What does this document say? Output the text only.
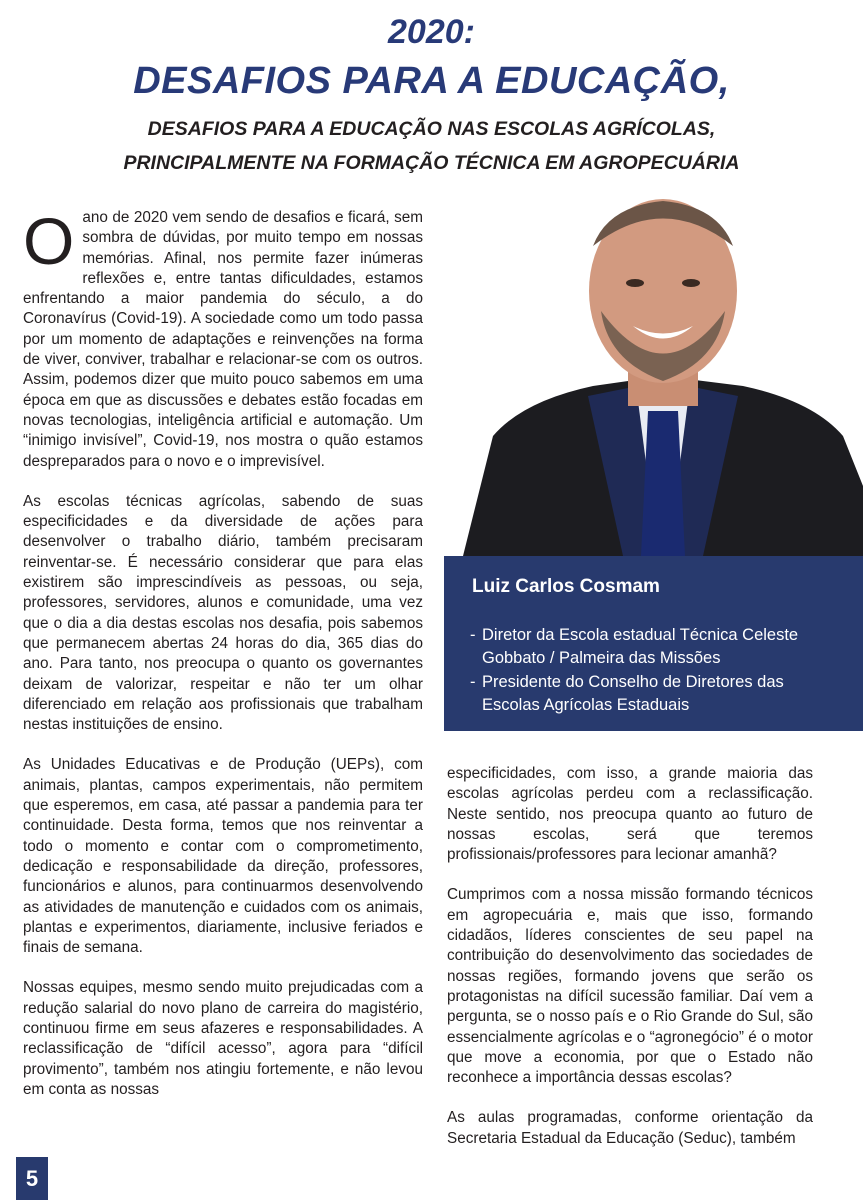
2020:
DESAFIOS PARA A EDUCAÇÃO,
DESAFIOS PARA A EDUCAÇÃO NAS ESCOLAS AGRÍCOLAS,
PRINCIPALMENTE NA FORMAÇÃO TÉCNICA EM AGROPECUÁRIA

Oano de 2020 vem sendo de desafios e ficará, sem sombra de dúvidas, por muito tempo em nossas memórias. Afinal, nos permite fazer inúmeras reflexões e, entre tantas dificuldades, estamos enfrentando a maior pandemia do século, a do Coronavírus (Covid-19). A sociedade como um todo passa por um momento de adaptações e reinvenções na forma de viver, conviver, trabalhar e relacionar-se com os outros. Assim, podemos dizer que muito pouco sabemos em uma época em que as discussões e debates estão focadas em novas tecnologias, inteligência artificial e automação. Um “inimigo invisível”, Covid-19, nos mostra o quão estamos despreparados para o novo e o imprevisível.

As escolas técnicas agrícolas, sabendo de suas especificidades e da diversidade de ações para desenvolver o trabalho diário, também precisaram reinventar-se. É necessário considerar que para elas existirem são imprescindíveis as pessoas, ou seja, professores, servidores, alunos e comunidade, uma vez que o dia a dia destas escolas nos desafia, pois sabemos que permanecem abertas 24 horas do dia, 365 dias do ano. Para tanto, nos preocupa o quanto os governantes deixam de valorizar, respeitar e não ter um olhar diferenciado em relação aos profissionais que trabalham nestas instituições de ensino.

As Unidades Educativas e de Produção (UEPs), com animais, plantas, campos experimentais, não permitem que esperemos, em casa, até passar a pandemia para ter continuidade. Desta forma, temos que nos reinventar a todo o momento e contar com o comprometimento, dedicação e responsabilidade da direção, professores, funcionários e alunos, para continuarmos desenvolvendo as atividades de manutenção e cuidados com os animais, plantas e experimentos, diariamente, inclusive feriados e finais de semana.

Nossas equipes, mesmo sendo muito prejudicadas com a redução salarial do novo plano de carreira do magistério, continuou firme em seus afazeres e responsabilidades. A reclassificação de “difícil acesso”, agora para “difícil provimento”, também nos atingiu fortemente, e não levou em conta as nossas

Luiz Carlos Cosmam

- Diretor da Escola estadual Técnica Celeste
Gobbato / Palmeira das Missões

- Presidente do Conselho de Diretores das
Escolas Agrícolas Estaduais

especificidades, com isso, a grande maioria das escolas agrícolas perdeu com a reclassificação. Neste sentido, nos preocupa quanto ao futuro de nossas escolas, será que teremos profissionais/professores para lecionar amanhã?

Cumprimos com a nossa missão formando técnicos em agropecuária e, mais que isso, formando cidadãos, líderes conscientes de seu papel na contribuição do desenvolvimento das sociedades de nossas regiões, formando jovens que serão os protagonistas na difícil sucessão familiar. Daí vem a pergunta, se o nosso país e o Rio Grande do Sul, são essencialmente agrícolas e o “agronegócio” é o motor que move a economia, por que o Estado não reconhece a importância dessas escolas?

As aulas programadas, conforme orientação da Secretaria Estadual da Educação (Seduc), também

5
